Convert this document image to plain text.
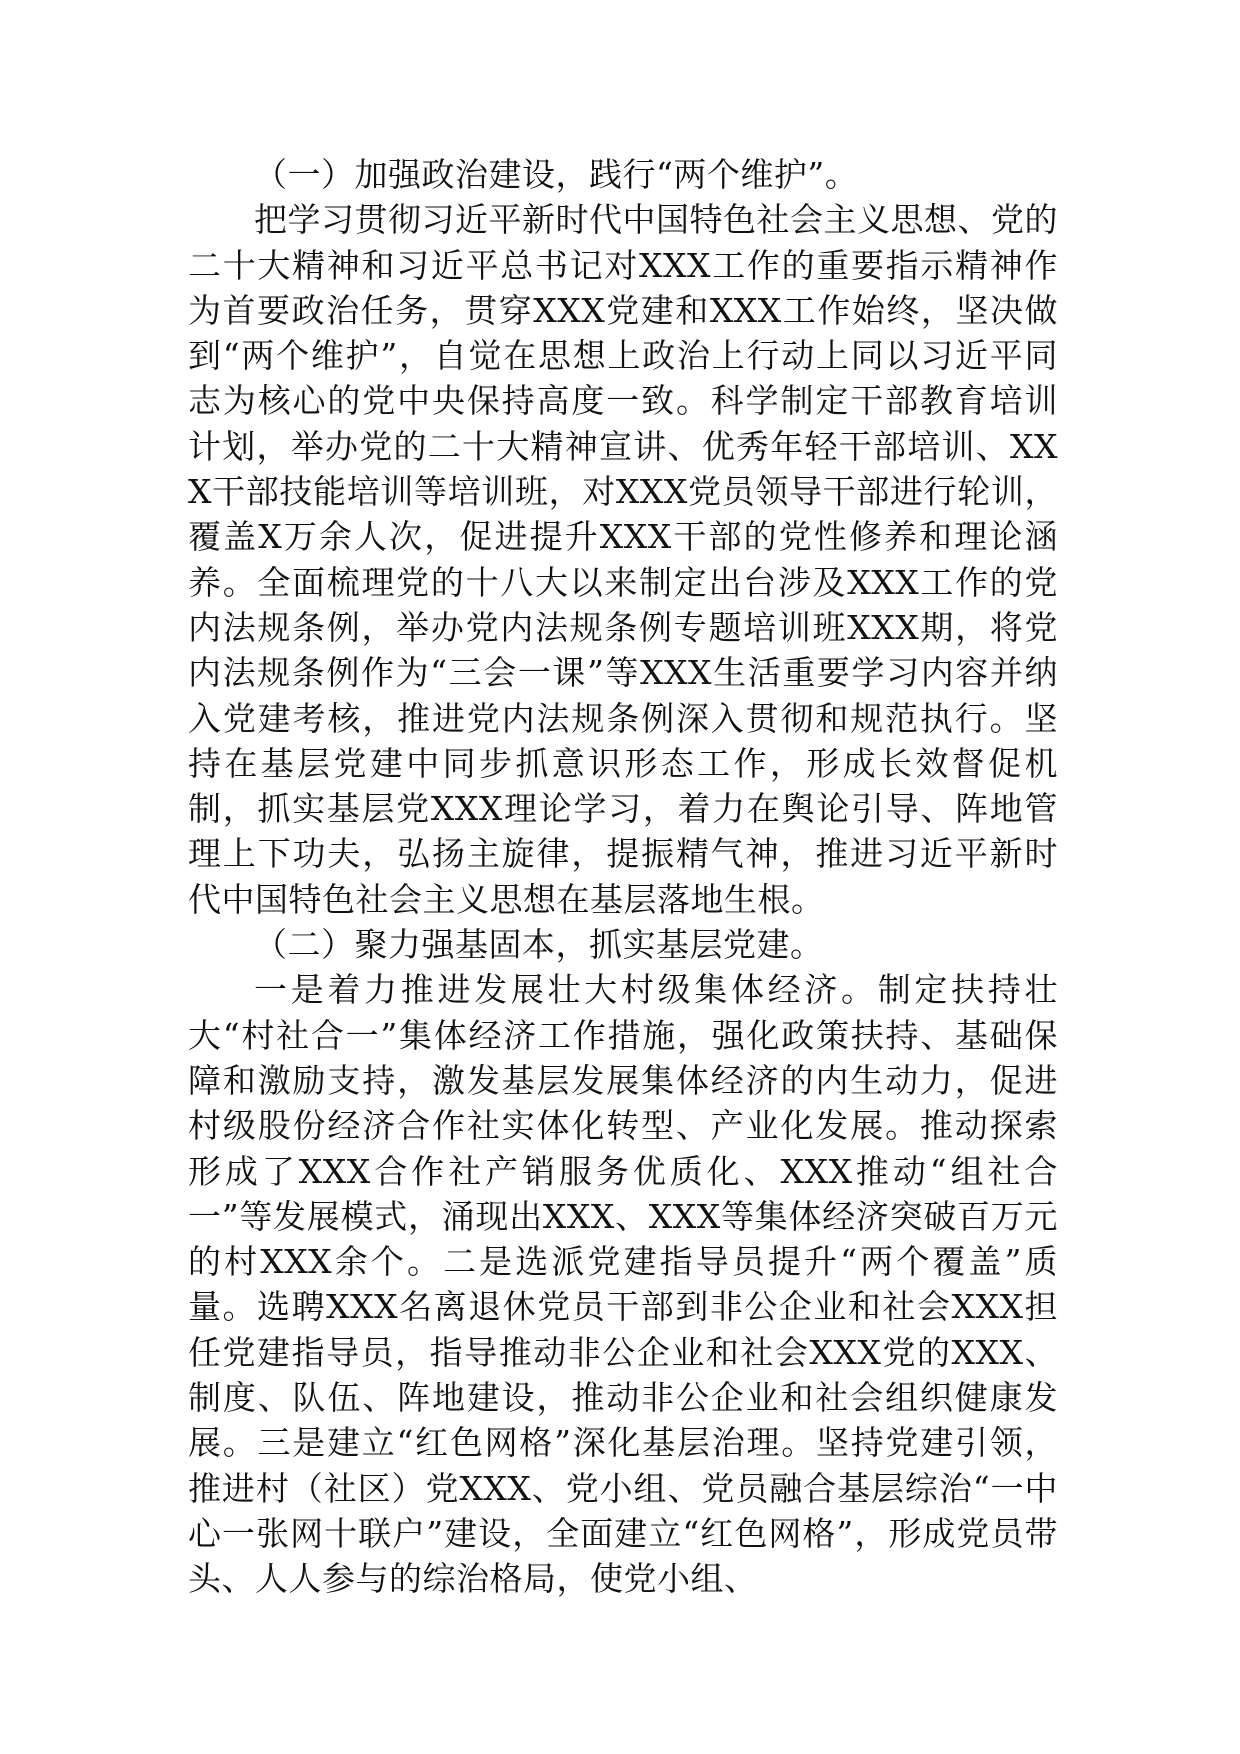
（一）加强政治建设，践行“两个维护”。

把学习贯彻习近平新时代中国特色社会主义思想、党的二十大精神和习近平总书记对XXX工作的重要指示精神作为首要政治任务，贯穿XXX党建和XXX工作始终，坚决做到“两个维护”，自觉在思想上政治上行动上同以习近平同志为核心的党中央保持高度一致。科学制定干部教育培训计划，举办党的二十大精神宣讲、优秀年轻干部培训、XXX干部技能培训等培训班，对XXX党员领导干部进行轮训，覆盖X万余人次，促进提升XXX干部的党性修养和理论涵养。全面梳理党的十八大以来制定出台涉及XXX工作的党内法规条例，举办党内法规条例专题培训班XXX期，将党内法规条例作为“三会一课”等XXX生活重要学习内容并纳入党建考核，推进党内法规条例深入贯彻和规范执行。坚持在基层党建中同步抓意识形态工作，形成长效督促机制，抓实基层党XXX理论学习，着力在舆论引导、阵地管理上下功夫，弘扬主旋律，提振精气神，推进习近平新时代中国特色社会主义思想在基层落地生根。

（二）聚力强基固本，抓实基层党建。

一是着力推进发展壮大村级集体经济。制定扶持壮大“村社合一”集体经济工作措施，强化政策扶持、基础保障和激励支持，激发基层发展集体经济的内生动力，促进村级股份经济合作社实体化转型、产业化发展。推动探索形成了XXX合作社产销服务优质化、XXX推动“组社合一”等发展模式，涌现出XXX、XXX等集体经济突破百万元的村XXX余个。二是选派党建指导员提升“两个覆盖”质量。选聘XXX名离退休党员干部到非公企业和社会XXX担任党建指导员，指导推动非公企业和社会XXX党的XXX、制度、队伍、阵地建设，推动非公企业和社会组织健康发展。三是建立“红色网格”深化基层治理。坚持党建引领，推进村（社区）党XXX、党小组、党员融合基层综治“一中心一张网十联户”建设，全面建立“红色网格”，形成党员带头、人人参与的综治格局，使党小组、
